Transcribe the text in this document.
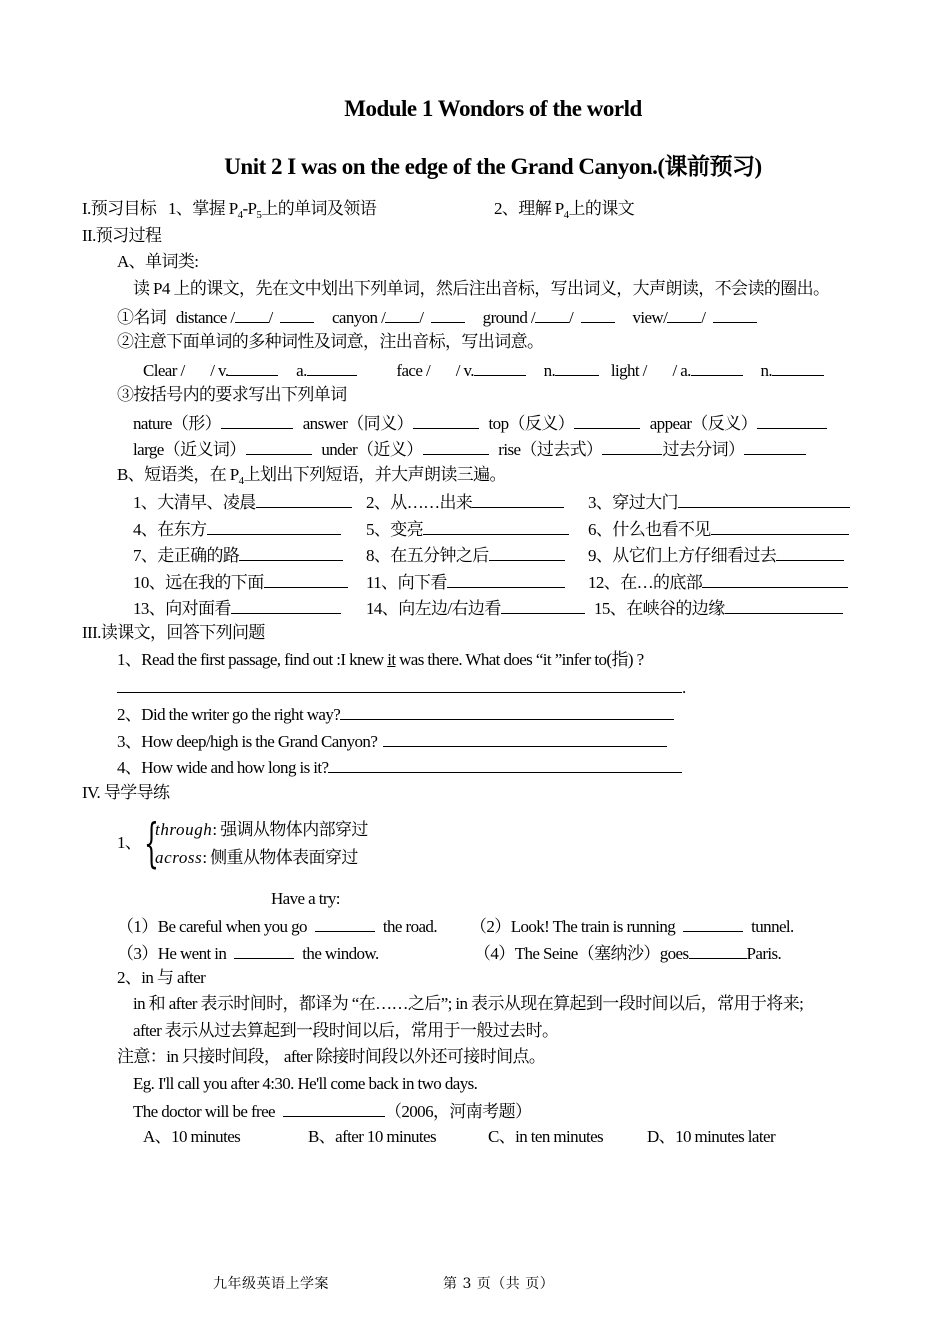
Module 1 Wondors of the world
Unit 2 I was on the edge of the Grand Canyon.(课前预习)
I.预习目标 1、掌握 $P_4-P_5$上的单词及领语	2、理解 $P_4$上的课文
II.预习过程
A、单词类:
读 P4 上的课文，先在文中划出下列单词，然后注出音标，写出词义，大声朗读，不会读的圈出。
①名词 distance / /	canyon / /	ground / /	view/ /
②注意下面单词的多种词性及词意，注出音标，写出词意。
Clear / / v.	a.	face / / v.	n.	light / / a.	n.
③按括号内的要求写出下列单词
nature（形）	answer（同义）	top（反义）	appear（反义）
large（近义词）	under（近义）	rise（过去式）	过去分词）
B、短语类，在 $P_4$上划出下列短语，并大声朗读三遍。
1、大清早、凌晨	2、从……出来	3、穿过大门
4、在东方	5、变亮	6、什么也看不见
7、走正确的路	8、在五分钟之后	9、从它们上方仔细看过去
10、远在我的下面	11、向下看	12、在…的底部
13、向对面看	14、向左边/右边看	15、在峡谷的边缘
III.读课文，回答下列问题
1、Read the first passage, find out :I knew it was there. What does “it ”infer to(指) ?
.
2、Did the writer go the right way?
3、How deep/high is the Grand Canyon?
4、How wide and how long is it?
IV. 导学导练
1、 {
through: 强调从物体内部穿过
across: 侧重从物体表面穿过
Have a try:
（1）Be careful when you go	the road. （2）Look! The train is running	tunnel.
（3）He went in	the window.	（4）The Seine（塞纳沙）goes	Paris.
2、in 与 after
in 和 after 表示时间时，都译为 “在……之后”; in 表示从现在算起到一段时间以后，常用于将来;
after 表示从过去算起到一段时间以后，常用于一般过去时。
注意：in 只接时间段， after 除接时间段以外还可接时间点。
Eg. I'll call you after 4:30. He'll come back in two days.
The doctor will be free	（2006，河南考题）
A、10 minutes	B、after 10 minutes	C、in ten minutes	D、10 minutes later
九年级英语上学案	第 3 页（共 页）
